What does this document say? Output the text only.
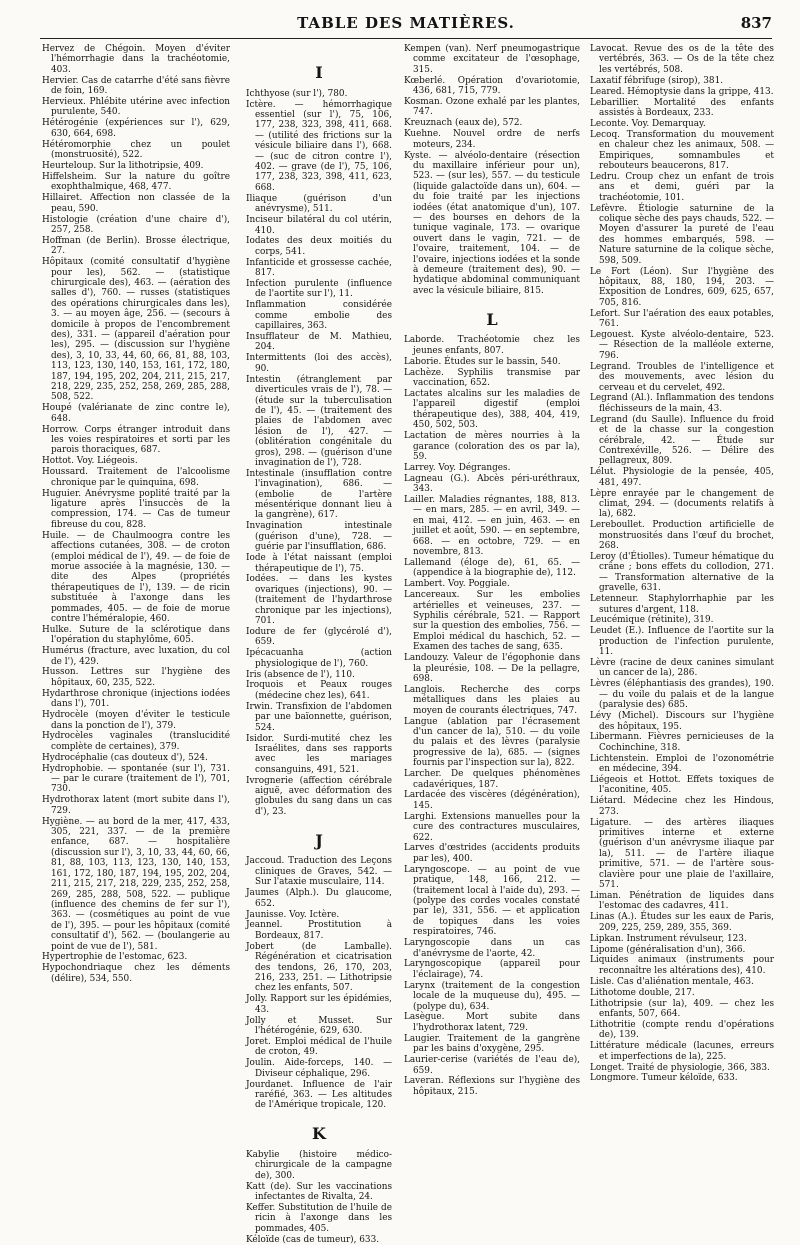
TABLE DES MATIÈRES.	837

Hervez de Chégoin. Moyen d'éviter l'hémorrhagie dans la trachéotomie, 403.

Hervier. Cas de catarrhe d'été sans fièvre de foin, 169.

Hervieux. Phlébite utérine avec infection purulente, 540.

Hétérogénie (expériences sur l'), 629, 630, 664, 698.

Hétéromorphie chez un poulet (monstruosité), 522.

Heurteloup. Sur la lithotripsie, 409.

Hiffelsheim. Sur la nature du goître exophthalmique, 468, 477.

Hillairet. Affection non classée de la peau, 590.

Histologie (création d'une chaire d'), 257, 258.

Hoffman (de Berlin). Brosse électrique, 27.

Hôpitaux (comité consultatif d'hygiène pour les), 562. — (statistique chirurgicale des), 463. — (aération des salles d'), 760. — russes (statistiques des opérations chirurgicales dans les), 3. — au moyen âge, 256. — (secours à domicile à propos de l'encombrement des), 331. — (appareil d'aération pour les), 295. — (discussion sur l'hygiène des), 3, 10, 33, 44, 60, 66, 81, 88, 103, 113, 123, 130, 140, 153, 161, 172, 180, 187, 194, 195, 202, 204, 211, 215, 217, 218, 229, 235, 252, 258, 269, 285, 288, 508, 522.

Houpé (valérianate de zinc contre le), 648.

Horrow. Corps étranger introduit dans les voies respiratoires et sorti par les parois thoraciques, 687.

Hottot. Voy. Liégeois.

Houssard. Traitement de l'alcoolisme chronique par le quinquina, 698.

Huguier. Anévrysme poplité traité par la ligature après l'insuccès de la compression, 174. — Cas de tumeur fibreuse du cou, 828.

Huile. — de Chaulmoogra contre les affections cutanées, 308. — de croton (emploi médical de l'), 49. — de foie de morue associée à la magnésie, 130. — dite des Alpes (propriétés thérapeutiques de l'), 139. — de ricin substituée à l'axonge dans les pommades, 405. — de foie de morue contre l'héméralopie, 460.

Hulke. Suture de la sclérotique dans l'opération du staphylôme, 605.

Humérus (fracture, avec luxation, du col de l'), 429.

Husson. Lettres sur l'hygiène des hôpitaux, 60, 235, 522.

Hydarthrose chronique (injections iodées dans l'), 701.

Hydrocèle (moyen d'éviter le testicule dans la ponction de l'), 379.

Hydrocèles vaginales (translucidité complète de certaines), 379.

Hydrocéphalie (cas douteux d'), 524.

Hydrophobie. — spontanée (sur l'), 731. — par le curare (traitement de l'), 701, 730.

Hydrothorax latent (mort subite dans l'), 729.

Hygiène. — au bord de la mer, 417, 433, 305, 221, 337. — de la première enfance, 687. — hospitalière (discussion sur l'), 3, 10, 33, 44, 60, 66, 81, 88, 103, 113, 123, 130, 140, 153, 161, 172, 180, 187, 194, 195, 202, 204, 211, 215, 217, 218, 229, 235, 252, 258, 269, 285, 288, 508, 522. — publique (influence des chemins de fer sur l'), 363. — (cosmétiques au point de vue de l'), 395. — pour les hôpitaux (comité consultatif d'), 562. — (boulangerie au point de vue de l'), 581.

Hypertrophie de l'estomac, 623.

Hypochondriaque chez les déments (délire), 534, 550.

I

Ichthyose (sur l'), 780.

Ictère. — hémorrhagique essentiel (sur l'), 75, 106, 177, 238, 323, 398, 411, 668. — (utilité des frictions sur la vésicule biliaire dans l'), 668. — (suc de citron contre l'), 402. — grave (de l'), 75, 106, 177, 238, 323, 398, 411, 623, 668.

Iliaque (guérison d'un anévrysme), 511.

Inciseur bilatéral du col utérin, 410.

Iodates des deux moitiés du corps, 541.

Infanticide et grossesse cachée, 817.

Infection purulente (influence de l'aortite sur l'), 11.

Inflammation considérée comme embolie des capillaires, 363.

Insufflateur de M. Mathieu, 204.

Intermittents (loi des accès), 90.

Intestin (étranglement par diverticules vrais de l'), 78. — (étude sur la tuberculisation de l'), 45. — (traitement des plaies de l'abdomen avec lésion de l'), 427. — (oblitération congénitale du gros), 298. — (guérison d'une invagination de l'), 728.

Intestinale (insufflation contre l'invagination), 686. — (embolie de l'artère mésentérique donnant lieu à la gangrène), 617.

Invagination intestinale (guérison d'une), 728. — guérie par l'insufflation, 686.

Iode à l'état naissant (emploi thérapeutique de l'), 75.

Iodées. — dans les kystes ovariques (injections), 90. — (traitement de l'hydarthrose chronique par les injections), 701.

Iodure de fer (glycérolé d'), 659.

Ipécacuanha (action physiologique de l'), 760.

Iris (absence de l'), 110.

Iroquois et Peaux rouges (médecine chez les), 641.

Irwin. Transfixion de l'abdomen par une baïonnette, guérison, 524.

Isidor. Surdi-mutité chez les Israélites, dans ses rapports avec les mariages consanguins, 491, 521.

Ivrognerie (affection cérébrale aiguë, avec déformation des globules du sang dans un cas d'), 23.

J

Jaccoud. Traduction des Leçons cliniques de Graves, 542. — Sur l'ataxie musculaire, 114.

Jaumes (Alph.). Du glaucome, 652.

Jaunisse. Voy. Ictère.

Jeannel. Prostitution à Bordeaux, 817.

Jobert (de Lamballe). Régénération et cicatrisation des tendons, 26, 170, 203, 216, 233, 251. — Lithotripsie chez les enfants, 507.

Jolly. Rapport sur les épidémies, 43.

Jolly et Musset. Sur l'hétérogénie, 629, 630.

Joret. Emploi médical de l'huile de croton, 49.

Joulin. Aide-forceps, 140. — Diviseur céphalique, 296.

Jourdanet. Influence de l'air raréfié, 363. — Les altitudes de l'Amérique tropicale, 120.

K

Kabylie (histoire médico-chirurgicale de la campagne de), 300.

Katt (de). Sur les vaccinations infectantes de Rivalta, 24.

Keffer. Substitution de l'huile de ricin à l'axonge dans les pommades, 405.

Kéloïde (cas de tumeur), 633.

Kempen (van). Nerf pneumogastrique comme excitateur de l'œsophage, 315.

Kœberlé. Opération d'ovariotomie, 436, 681, 715, 779.

Kosman. Ozone exhalé par les plantes, 747.

Kreuznach (eaux de), 572.

Kuehne. Nouvel ordre de nerfs moteurs, 234.

Kyste. — alvéolo-dentaire (résection du maxillaire inférieur pour un), 523. — (sur les), 557. — du testicule (liquide galactoïde dans un), 604. — du foie traité par les injections iodées (état anatomique d'un), 107. — des bourses en dehors de la tunique vaginale, 173. — ovarique ouvert dans le vagin, 721. — de l'ovaire, traitement, 104. — de l'ovaire, injections iodées et la sonde à demeure (traitement des), 90. — hydatique abdominal communiquant avec la vésicule biliaire, 815.

L

Laborde. Trachéotomie chez les jeunes enfants, 807.

Laborie. Études sur le bassin, 540.

Lachèze. Syphilis transmise par vaccination, 652.

Lactates alcalins sur les maladies de l'appareil digestif (emploi thérapeutique des), 388, 404, 419, 450, 502, 503.

Lactation de mères nourries à la garance (coloration des os par la), 59.

Larrey. Voy. Dégranges.

Lagneau (G.). Abcès péri-uréthraux, 343.

Lailler. Maladies régnantes, 188, 813. — en mars, 285. — en avril, 349. — en mai, 412. — en juin, 463. — en juillet et août, 590. — en septembre, 668. — en octobre, 729. — en novembre, 813.

Lallemand (éloge de), 61, 65. — (appendice à la biographie de), 112.

Lambert. Voy. Poggiale.

Lancereaux. Sur les embolies artérielles et veineuses, 237. — Syphilis cérébrale, 521. — Rapport sur la question des embolies, 756. — Emploi médical du haschich, 52. — Examen des taches de sang, 635.

Landouzy. Valeur de l'égophonie dans la pleurésie, 108. — De la pellagre, 698.

Langlois. Recherche des corps métalliques dans les plaies au moyen de courants électriques, 747.

Langue (ablation par l'écrasement d'un cancer de la), 510. — du voile du palais et des lèvres (paralysie progressive de la), 685. — (signes fournis par l'inspection sur la), 822.

Larcher. De quelques phénomènes cadavériques, 187.

Lardacée des viscères (dégénération), 145.

Larghi. Extensions manuelles pour la cure des contractures musculaires, 622.

Larves d'œstrides (accidents produits par les), 400.

Laryngoscope. — au point de vue pratique, 148, 166, 212. — (traitement local à l'aide du), 293. — (polype des cordes vocales constaté par le), 331, 556. — et application de topiques dans les voies respiratoires, 746.

Laryngoscopie dans un cas d'anévrysme de l'aorte, 42.

Laryngoscopique (appareil pour l'éclairage), 74.

Larynx (traitement de la congestion locale de la muqueuse du), 495. — (polype du), 634.

Lasègue. Mort subite dans l'hydrothorax latent, 729.

Laugier. Traitement de la gangrène par les bains d'oxygène, 295.

Laurier-cerise (variétés de l'eau de), 659.

Laveran. Réflexions sur l'hygiène des hôpitaux, 215.

Lavocat. Revue des os de la tête des vertébrés, 363. — Os de la tête chez les vertébrés, 508.

Laxatif fébrifuge (sirop), 381.

Leared. Hémoptysie dans la grippe, 413.

Lebarillier. Mortalité des enfants assistés à Bordeaux, 233.

Leconte. Voy. Demarquay.

Lecoq. Transformation du mouvement en chaleur chez les animaux, 508. — Empiriques, somnambules et rebouteurs beaucerons, 817.

Ledru. Croup chez un enfant de trois ans et demi, guéri par la trachéotomie, 101.

Lefèvre. Étiologie saturnine de la colique sèche des pays chauds, 522. — Moyen d'assurer la pureté de l'eau des hommes embarqués, 598. — Nature saturnine de la colique sèche, 598, 509.

Le Fort (Léon). Sur l'hygiène des hôpitaux, 88, 180, 194, 203. — Exposition de Londres, 609, 625, 657, 705, 816.

Lefort. Sur l'aération des eaux potables, 761.

Legouest. Kyste alvéolo-dentaire, 523. — Résection de la malléole externe, 796.

Legrand. Troubles de l'intelligence et des mouvements, avec lésion du cerveau et du cervelet, 492.

Legrand (Al.). Inflammation des tendons fléchisseurs de la main, 43.

Legrand (du Saulle). Influence du froid et de la chasse sur la congestion cérébrale, 42. — Étude sur Contrexéville, 526. — Délire des pellagreux, 809.

Lélut. Physiologie de la pensée, 405, 481, 497.

Lèpre enrayée par le changement de climat, 294. — (documents relatifs à la), 682.

Lereboullet. Production artificielle de monstruosités dans l'œuf du brochet, 268.

Leroy (d'Étiolles). Tumeur hématique du crâne ; bons effets du collodion, 271. — Transformation alternative de la gravelle, 631.

Letenneur. Staphylorrhaphie par les sutures d'argent, 118.

Leucémique (rétinite), 319.

Leudet (E.). Influence de l'aortite sur la production de l'infection purulente, 11.

Lèvre (racine de deux canines simulant un cancer de la), 286.

Lèvres (éléphantiasis des grandes), 190. — du voile du palais et de la langue (paralysie des) 685.

Lévy (Michel). Discours sur l'hygiène des hôpitaux, 195.

Libermann. Fièvres pernicieuses de la Cochinchine, 318.

Lichtenstein. Emploi de l'ozonométrie en médecine, 394.

Liégeois et Hottot. Effets toxiques de l'aconitine, 405.

Liétard. Médecine chez les Hindous, 273.

Ligature. — des artères iliaques primitives interne et externe (guérison d'un anévrysme iliaque par la), 511. — de l'artère iliaque primitive, 571. — de l'artère sous-clavière pour une plaie de l'axillaire, 571.

Liman. Pénétration de liquides dans l'estomac des cadavres, 411.

Linas (A.). Études sur les eaux de Paris, 209, 225, 259, 289, 355, 369.

Lipkan. Instrument révulseur, 123.

Lipome (généralisation d'un), 366.

Liquides animaux (instruments pour reconnaître les altérations des), 410.

Lisle. Cas d'aliénation mentale, 463.

Lithotome double, 217.

Lithotripsie (sur la), 409. — chez les enfants, 507, 664.

Lithotritie (compte rendu d'opérations de), 139.

Littérature médicale (lacunes, erreurs et imperfections de la), 225.

Longet. Traité de physiologie, 366, 383.

Longmore. Tumeur kéloïde, 633.
